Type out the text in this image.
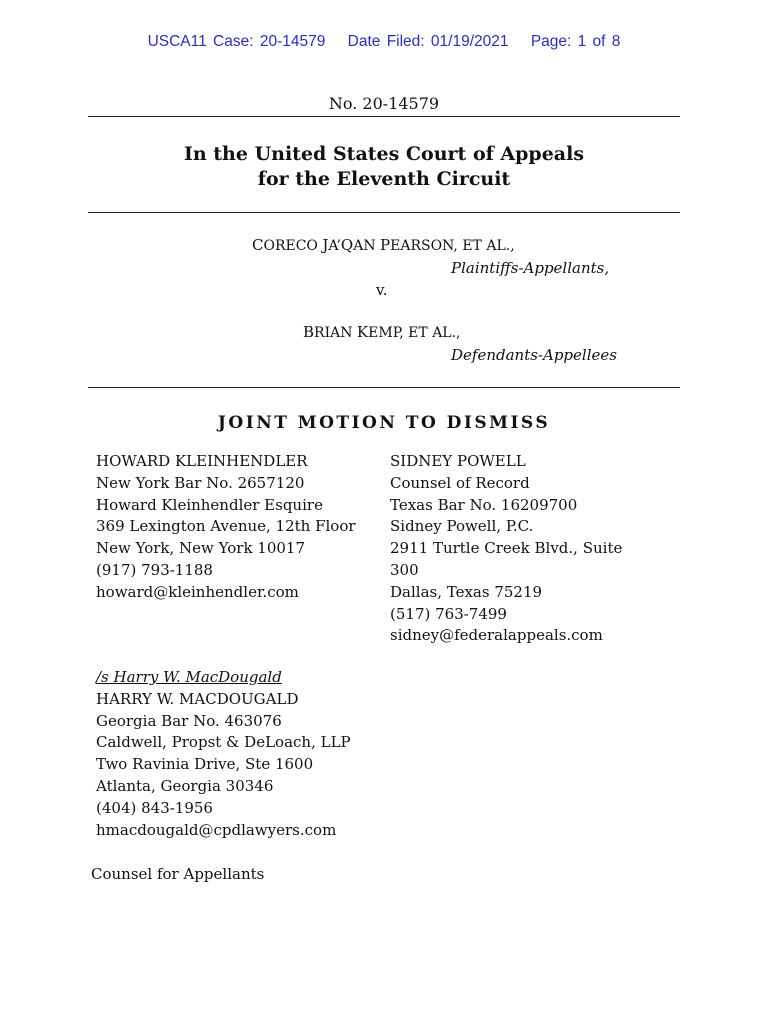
USCA11 Case: 20-14579 Date Filed: 01/19/2021 Page: 1 of 8
No. 20-14579
In the United States Court of Appeals
for the Eleventh Circuit
CORECO JA’QAN PEARSON, ET AL.,
Plaintiffs-Appellants,
v.
BRIAN KEMP, ET AL.,
Defendants-Appellees
JOINT MOTION TO DISMISS
HOWARD KLEINHENDLER
New York Bar No. 2657120
Howard Kleinhendler Esquire
369 Lexington Avenue, 12th Floor
New York, New York 10017
(917) 793-1188
howard@kleinhendler.com
SIDNEY POWELL
Counsel of Record
Texas Bar No. 16209700
Sidney Powell, P.C.
2911 Turtle Creek Blvd., Suite
300
Dallas, Texas 75219
(517) 763-7499
sidney@federalappeals.com
/s Harry W. MacDougald
HARRY W. MACDOUGALD
Georgia Bar No. 463076
Caldwell, Propst & DeLoach, LLP
Two Ravinia Drive, Ste 1600
Atlanta, Georgia 30346
(404) 843-1956
hmacdougald@cpdlawyers.com
Counsel for Appellants
